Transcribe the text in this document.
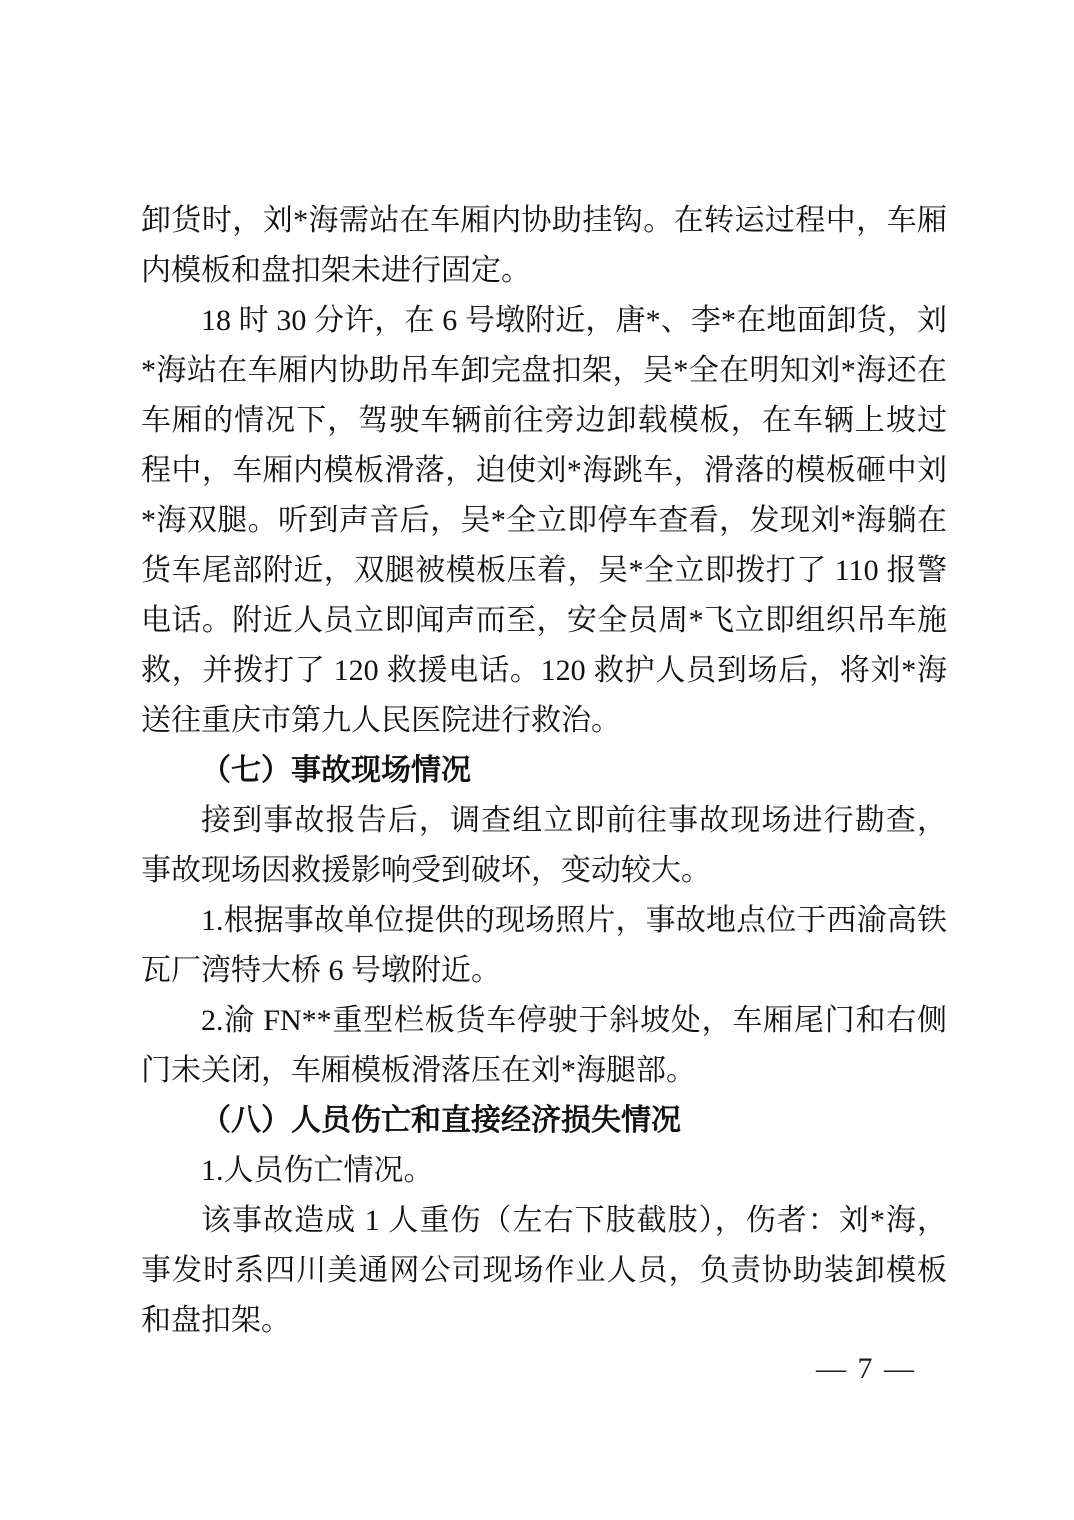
卸货时，刘*海需站在车厢内协助挂钩。在转运过程中，车厢内模板和盘扣架未进行固定。

18 时 30 分许，在 6 号墩附近，唐*、李*在地面卸货，刘*海站在车厢内协助吊车卸完盘扣架，吴*全在明知刘*海还在车厢的情况下，驾驶车辆前往旁边卸载模板，在车辆上坡过程中，车厢内模板滑落，迫使刘*海跳车，滑落的模板砸中刘*海双腿。听到声音后，吴*全立即停车查看，发现刘*海躺在货车尾部附近，双腿被模板压着，吴*全立即拨打了 110 报警电话。附近人员立即闻声而至，安全员周*飞立即组织吊车施救，并拨打了 120 救援电话。120 救护人员到场后，将刘*海送往重庆市第九人民医院进行救治。

（七）事故现场情况

接到事故报告后，调查组立即前往事故现场进行勘查，事故现场因救援影响受到破坏，变动较大。

1.根据事故单位提供的现场照片，事故地点位于西渝高铁瓦厂湾特大桥 6 号墩附近。

2.渝 FN**重型栏板货车停驶于斜坡处，车厢尾门和右侧门未关闭，车厢模板滑落压在刘*海腿部。

（八）人员伤亡和直接经济损失情况

1.人员伤亡情况。

该事故造成 1 人重伤（左右下肢截肢），伤者：刘*海，事发时系四川美通网公司现场作业人员，负责协助装卸模板和盘扣架。

— 7 —
